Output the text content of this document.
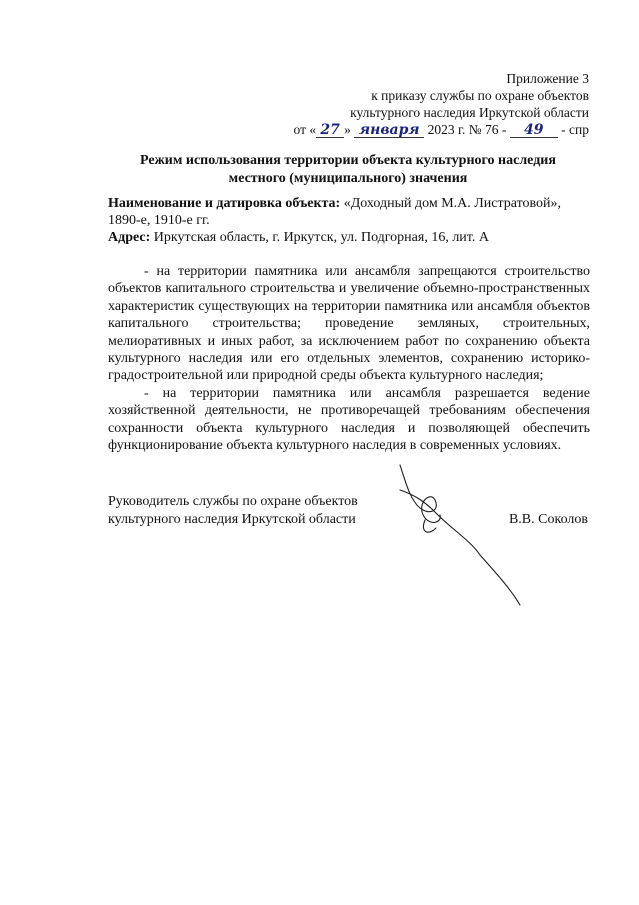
Приложение 3
к приказу службы по охране объектов
культурного наследия Иркутской области
от « 27 » января 2023 г. № 76 - 49 - спр
Режим использования территории объекта культурного наследия
местного (муниципального) значения
Наименование и датировка объекта: «Доходный дом М.А. Листратовой», 1890-е, 1910-е гг.
Адрес: Иркутская область, г. Иркутск, ул. Подгорная, 16, лит. А

- на территории памятника или ансамбля запрещаются строительство объектов капитального строительства и увеличение объемно-пространственных характеристик существующих на территории памятника или ансамбля объектов капитального строительства; проведение земляных, строительных, мелиоративных и иных работ, за исключением работ по сохранению объекта культурного наследия или его отдельных элементов, сохранению историко-градостроительной или природной среды объекта культурного наследия;

- на территории памятника или ансамбля разрешается ведение хозяйственной деятельности, не противоречащей требованиям обеспечения сохранности объекта культурного наследия и позволяющей обеспечить функционирование объекта культурного наследия в современных условиях.

Руководитель службы по охране объектов
культурного наследия Иркутской области	В.В. Соколов
